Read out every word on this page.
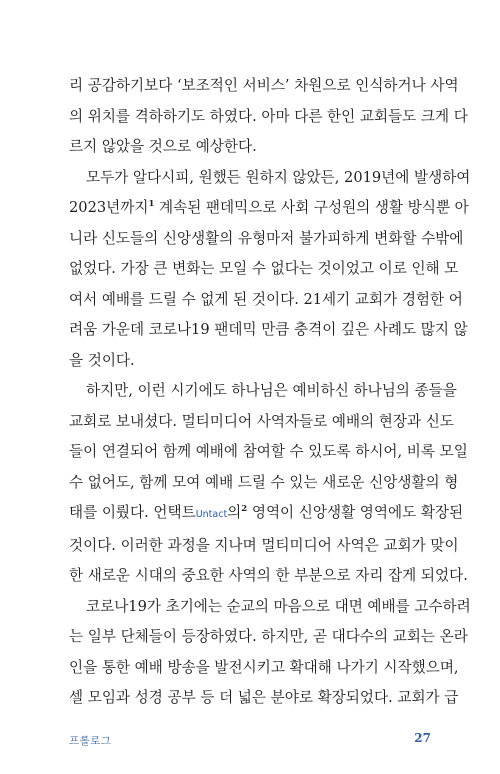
리 공감하기보다 ‘보조적인 서비스’ 차원으로 인식하거나 사역
의 위치를 격하하기도 하였다. 아마 다른 한인 교회들도 크게 다
르지 않았을 것으로 예상한다.

모두가 알다시피, 원했든 원하지 않았든, 2019년에 발생하여
2023년까지$^1$ 계속된 팬데믹으로 사회 구성원의 생활 방식뿐 아
니라 신도들의 신앙생활의 유형마저 불가피하게 변화할 수밖에
없었다. 가장 큰 변화는 모일 수 없다는 것이었고 이로 인해 모
여서 예배를 드릴 수 없게 된 것이다. 21세기 교회가 경험한 어
려움 가운데 코로나19 팬데믹 만큼 충격이 깊은 사례도 많지 않
을 것이다.

하지만, 이런 시기에도 하나님은 예비하신 하나님의 종들을
교회로 보내셨다. 멀티미디어 사역자들로 예배의 현장과 신도
들이 연결되어 함께 예배에 참여할 수 있도록 하시어, 비록 모일
수 없어도, 함께 모여 예배 드릴 수 있는 새로운 신앙생활의 형
태를 이뤘다. 언택트Untact의$^2$ 영역이 신앙생활 영역에도 확장된
것이다. 이러한 과정을 지나며 멀티미디어 사역은 교회가 맞이
한 새로운 시대의 중요한 사역의 한 부분으로 자리 잡게 되었다.

코로나19가 초기에는 순교의 마음으로 대면 예배를 고수하려
는 일부 단체들이 등장하였다. 하지만, 곧 대다수의 교회는 온라
인을 통한 예배 방송을 발전시키고 확대해 나가기 시작했으며,
셀 모임과 성경 공부 등 더 넓은 분야로 확장되었다. 교회가 급

프롤로그	27
